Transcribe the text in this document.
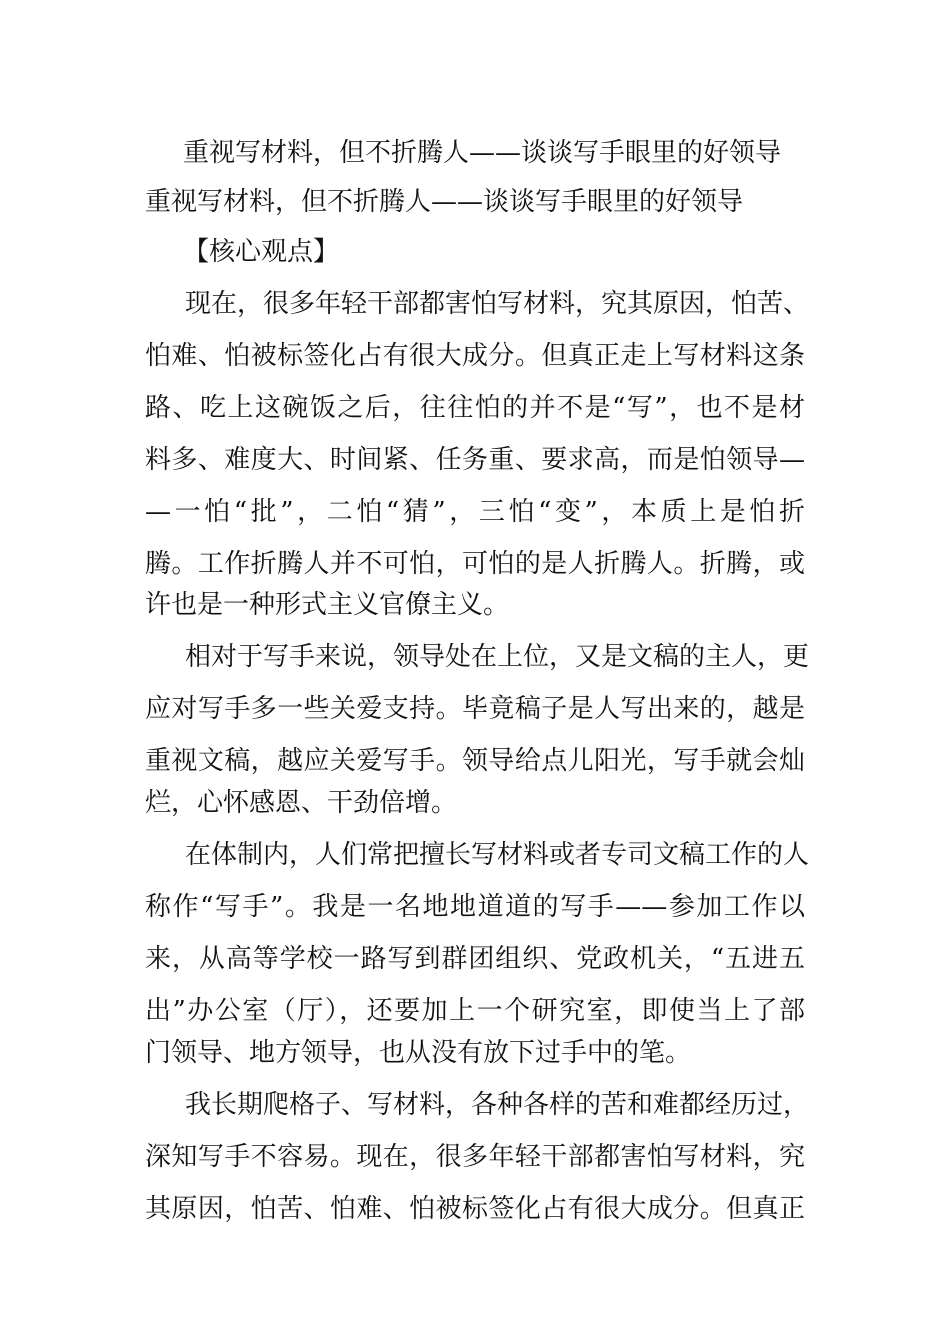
重视写材料，但不折腾人——谈谈写手眼里的好领导

重视写材料，但不折腾人——谈谈写手眼里的好领导

【核心观点】

现在，很多年轻干部都害怕写材料，究其原因，怕苦、

怕难、怕被标签化占有很大成分。但真正走上写材料这条

路、吃上这碗饭之后，往往怕的并不是“写”，也不是材

料多、难度大、时间紧、任务重、要求高，而是怕领导—

—一怕“批”，二怕“猜”，三怕“变”，本质上是怕折

腾。工作折腾人并不可怕，可怕的是人折腾人。折腾，或

许也是一种形式主义官僚主义。

相对于写手来说，领导处在上位，又是文稿的主人，更

应对写手多一些关爱支持。毕竟稿子是人写出来的，越是

重视文稿，越应关爱写手。领导给点儿阳光，写手就会灿

烂，心怀感恩、干劲倍增。

在体制内，人们常把擅长写材料或者专司文稿工作的人

称作“写手”。我是一名地地道道的写手——参加工作以

来，从高等学校一路写到群团组织、党政机关，“五进五

出”办公室（厅），还要加上一个研究室，即使当上了部

门领导、地方领导，也从没有放下过手中的笔。

我长期爬格子、写材料，各种各样的苦和难都经历过，

深知写手不容易。现在，很多年轻干部都害怕写材料，究

其原因，怕苦、怕难、怕被标签化占有很大成分。但真正
